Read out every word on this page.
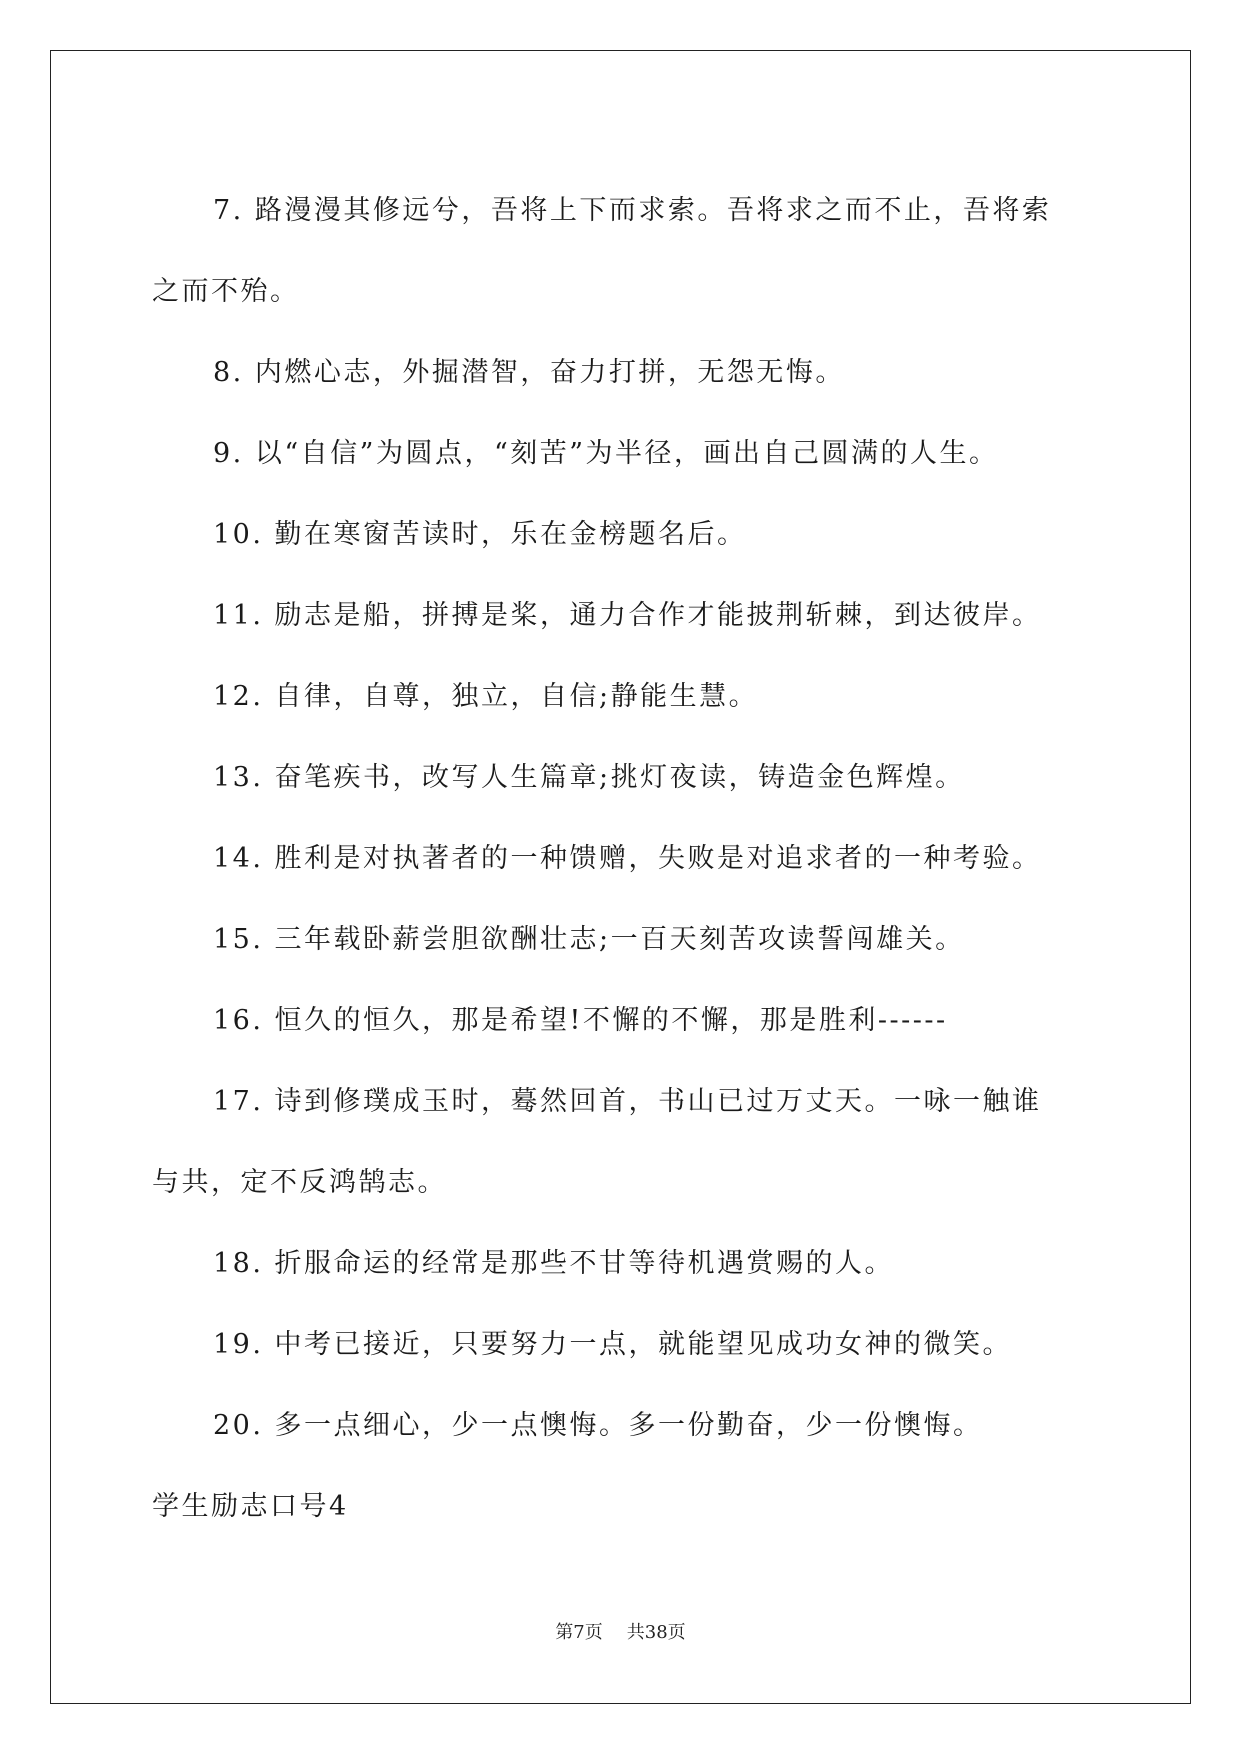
7. 路漫漫其修远兮，吾将上下而求索。吾将求之而不止，吾将索

之而不殆。

8. 内燃心志，外掘潜智，奋力打拼，无怨无悔。

9. 以“自信”为圆点，“刻苦”为半径，画出自己圆满的人生。

10. 勤在寒窗苦读时，乐在金榜题名后。

11. 励志是船，拼搏是桨，通力合作才能披荆斩棘，到达彼岸。

12. 自律，自尊，独立，自信;静能生慧。

13. 奋笔疾书，改写人生篇章;挑灯夜读，铸造金色辉煌。

14. 胜利是对执著者的一种馈赠，失败是对追求者的一种考验。

15. 三年载卧薪尝胆欲酬壮志;一百天刻苦攻读誓闯雄关。

16. 恒久的恒久，那是希望!不懈的不懈，那是胜利------

17. 诗到修璞成玉时，蓦然回首，书山已过万丈天。一咏一触谁

与共，定不反鸿鹄志。

18. 折服命运的经常是那些不甘等待机遇赏赐的人。

19. 中考已接近，只要努力一点，就能望见成功女神的微笑。

20. 多一点细心，少一点懊悔。多一份勤奋，少一份懊悔。

学生励志口号4

第7页 共38页
